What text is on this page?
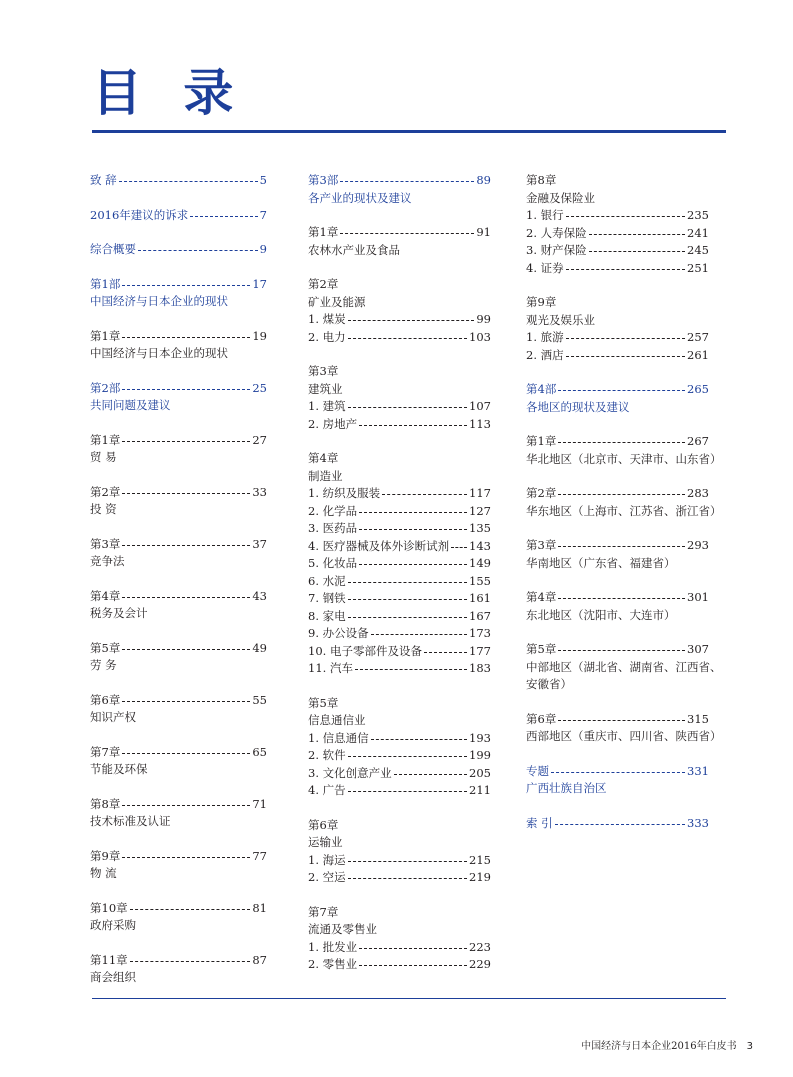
目 录
致 辞	5
2016年建议的诉求	7
综合概要	9
第1部	17
中国经济与日本企业的现状
第1章	19
中国经济与日本企业的现状
第2部	25
共同问题及建议
第1章	27
贸 易
第2章	33
投 资
第3章	37
竞争法
第4章	43
税务及会计
第5章	49
劳 务
第6章	55
知识产权
第7章	65
节能及环保
第8章	71
技术标准及认证
第9章	77
物 流
第10章	81
政府采购
第11章	87
商会组织
第3部	89
各产业的现状及建议
第1章	91
农林水产业及食品
第2章
矿业及能源
1. 煤炭	99
2. 电力	103
第3章
建筑业
1. 建筑	107
2. 房地产	113
第4章
制造业
1. 纺织及服装	117
2. 化学品	127
3. 医药品	135
4. 医疗器械及体外诊断试剂 143
5. 化妆品	149
6. 水泥	155
7. 钢铁	161
8. 家电	167
9. 办公设备	173
10. 电子零部件及设备	177
11. 汽车	183
第5章
信息通信业
1. 信息通信	193
2. 软件	199
3. 文化创意产业	205
4. 广告	211
第6章
运输业
1. 海运	215
2. 空运	219
第7章
流通及零售业
1. 批发业	223
2. 零售业	229
第8章
金融及保险业
1. 银行	235
2. 人寿保险	241
3. 财产保险	245
4. 证券	251
第9章
观光及娱乐业
1. 旅游	257
2. 酒店	261
第4部	265
各地区的现状及建议
第1章	267
华北地区（北京市、天津市、山东省）
第2章	283
华东地区（上海市、江苏省、浙江省）
第3章	293
华南地区（广东省、福建省）
第4章	301
东北地区（沈阳市、大连市）
第5章	307
中部地区（湖北省、湖南省、江西省、
安徽省）
第6章	315
西部地区（重庆市、四川省、陕西省）
专题	331
广西壮族自治区
索 引	333
中国经济与日本企业2016年白皮书 3
